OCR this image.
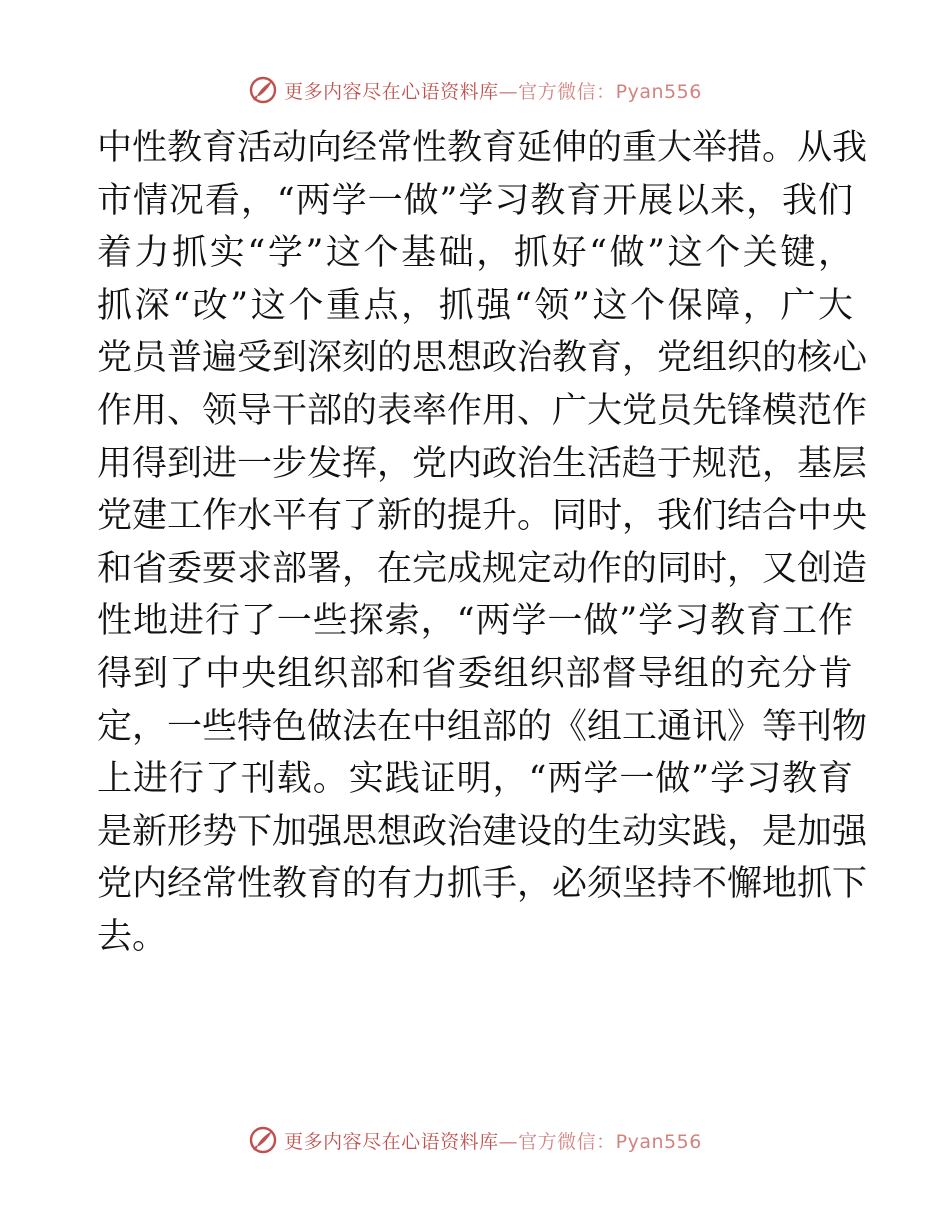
更多内容尽在心语资料库 —官方微信：Pyan556
中性教育活动向经常性教育延伸的重大举措。从我
市情况看，“两学一做”学习教育开展以来，我们
着力抓实“学”这个基础，抓好“做”这个关键，
抓深“改”这个重点，抓强“领”这个保障，广大
党员普遍受到深刻的思想政治教育，党组织的核心
作用、领导干部的表率作用、广大党员先锋模范作
用得到进一步发挥，党内政治生活趋于规范，基层
党建工作水平有了新的提升。同时，我们结合中央
和省委要求部署，在完成规定动作的同时，又创造
性地进行了一些探索，“两学一做”学习教育工作
得到了中央组织部和省委组织部督导组的充分肯
定，一些特色做法在中组部的《组工通讯》等刊物
上进行了刊载。实践证明，“两学一做”学习教育
是新形势下加强思想政治建设的生动实践，是加强
党内经常性教育的有力抓手，必须坚持不懈地抓下
去。
更多内容尽在心语资料库 —官方微信：Pyan556
